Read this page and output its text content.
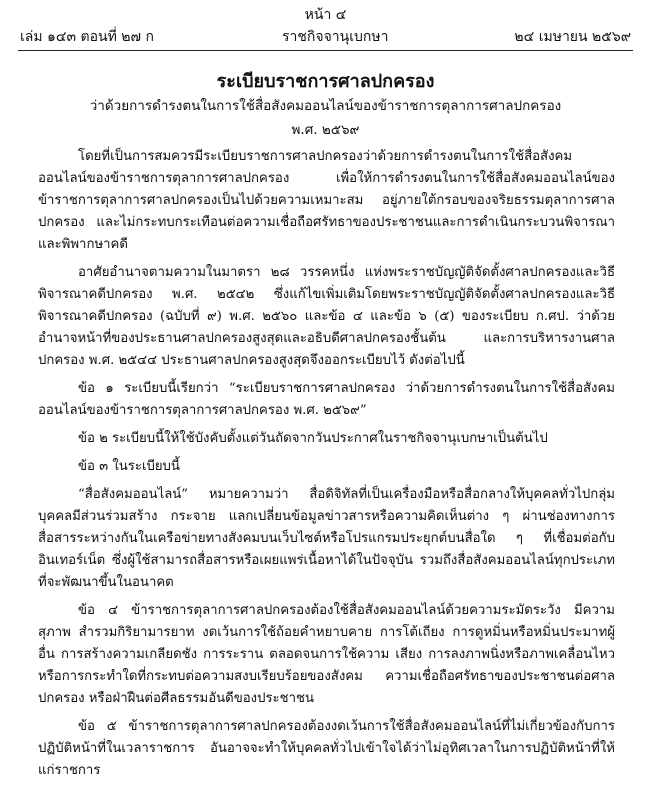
หน้า ๔
เล่ม ๑๔๓ ตอนที่ ๒๗ ก	ราชกิจจานุเบกษา	๒๔ เมษายน ๒๕๖๙
ระเบียบราชการศาลปกครอง
ว่าด้วยการดำรงตนในการใช้สื่อสังคมออนไลน์ของข้าราชการตุลาการศาลปกครอง
พ.ศ. ๒๕๖๙

โดยที่เป็นการสมควรมีระเบียบราชการศาลปกครองว่าด้วยการดำรงตนในการใช้สื่อสังคมออนไลน์ของข้าราชการตุลาการศาลปกครอง เพื่อให้การดำรงตนในการใช้สื่อสังคมออนไลน์ของข้าราชการตุลาการศาลปกครองเป็นไปด้วยความเหมาะสม อยู่ภายใต้กรอบของจริยธรรมตุลาการศาลปกครอง และไม่กระทบกระเทือนต่อความเชื่อถือศรัทธาของประชาชนและการดำเนินกระบวนพิจารณาและพิพากษาคดี

อาศัยอำนาจตามความในมาตรา ๒๘ วรรคหนึ่ง แห่งพระราชบัญญัติจัดตั้งศาลปกครองและวิธีพิจารณาคดีปกครอง พ.ศ. ๒๕๔๒ ซึ่งแก้ไขเพิ่มเติมโดยพระราชบัญญัติจัดตั้งศาลปกครองและวิธีพิจารณาคดีปกครอง (ฉบับที่ ๙) พ.ศ. ๒๕๖๐ และข้อ ๔ และข้อ ๖ (๕) ของระเบียบ ก.ศป. ว่าด้วยอำนาจหน้าที่ของประธานศาลปกครองสูงสุดและอธิบดีศาลปกครองชั้นต้น และการบริหารงานศาลปกครอง พ.ศ. ๒๕๔๔ ประธานศาลปกครองสูงสุดจึงออกระเบียบไว้ ดังต่อไปนี้

ข้อ ๑ ระเบียบนี้เรียกว่า “ระเบียบราชการศาลปกครอง ว่าด้วยการดำรงตนในการใช้สื่อสังคมออนไลน์ของข้าราชการตุลาการศาลปกครอง พ.ศ. ๒๕๖๙”

ข้อ ๒ ระเบียบนี้ให้ใช้บังคับตั้งแต่วันถัดจากวันประกาศในราชกิจจานุเบกษาเป็นต้นไป

ข้อ ๓ ในระเบียบนี้

“สื่อสังคมออนไลน์” หมายความว่า สื่อดิจิทัลที่เป็นเครื่องมือหรือสื่อกลางให้บุคคลทั่วไปกลุ่มบุคคลมีส่วนร่วมสร้าง กระจาย แลกเปลี่ยนข้อมูลข่าวสารหรือความคิดเห็นต่าง ๆ ผ่านช่องทางการสื่อสารระหว่างกันในเครือข่ายทางสังคมบนเว็บไซต์หรือโปรแกรมประยุกต์บนสื่อใด ๆ ที่เชื่อมต่อกับอินเทอร์เน็ต ซึ่งผู้ใช้สามารถสื่อสารหรือเผยแพร่เนื้อหาได้ในปัจจุบัน รวมถึงสื่อสังคมออนไลน์ทุกประเภทที่จะพัฒนาขึ้นในอนาคต

ข้อ ๔ ข้าราชการตุลาการศาลปกครองต้องใช้สื่อสังคมออนไลน์ด้วยความระมัดระวัง มีความสุภาพ สำรวมกิริยามารยาท งดเว้นการใช้ถ้อยคำหยาบคาย การโต้เถียง การดูหมิ่นหรือหมิ่นประมาทผู้อื่น การสร้างความเกลียดชัง การระราน ตลอดจนการใช้ความ เสียง การลงภาพนิ่งหรือภาพเคลื่อนไหว หรือการกระทำใดที่กระทบต่อความสงบเรียบร้อยของสังคม ความเชื่อถือศรัทธาของประชาชนต่อศาลปกครอง หรือฝ่าฝืนต่อศีลธรรมอันดีของประชาชน

ข้อ ๕ ข้าราชการตุลาการศาลปกครองต้องงดเว้นการใช้สื่อสังคมออนไลน์ที่ไม่เกี่ยวข้องกับการปฏิบัติหน้าที่ในเวลาราชการ อันอาจจะทำให้บุคคลทั่วไปเข้าใจได้ว่าไม่อุทิศเวลาในการปฏิบัติหน้าที่ให้แก่ราชการ
